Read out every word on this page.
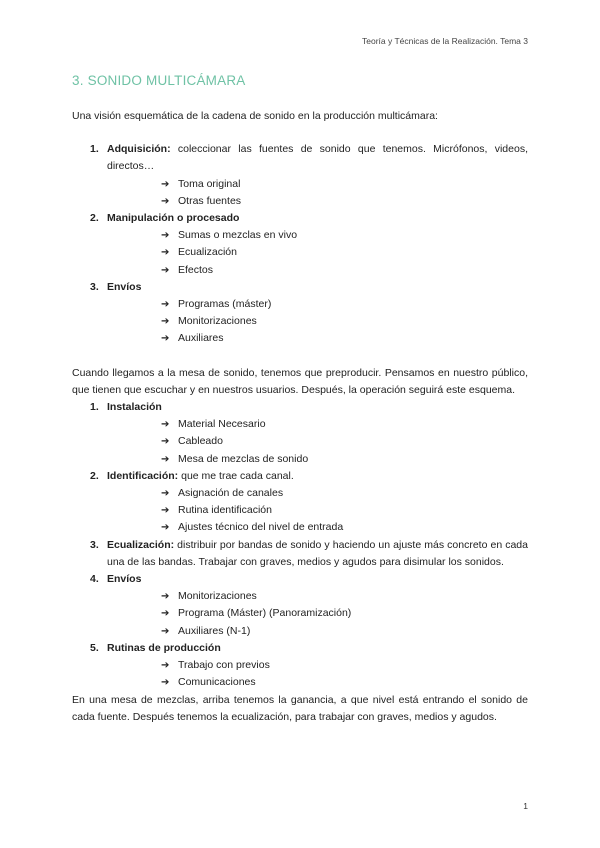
Teoría y Técnicas de la Realización. Tema 3
3. SONIDO MULTICÁMARA

Una visión esquemática de la cadena de sonido en la producción multicámara:

1. Adquisición: coleccionar las fuentes de sonido que tenemos. Micrófonos, videos, directos…
➔ Toma original
➔ Otras fuentes
2. Manipulación o procesado
➔ Sumas o mezclas en vivo
➔ Ecualización
➔ Efectos
3. Envíos
➔ Programas (máster)
➔ Monitorizaciones
➔ Auxiliares

Cuando llegamos a la mesa de sonido, tenemos que preproducir. Pensamos en nuestro público, que tienen que escuchar y en nuestros usuarios. Después, la operación seguirá este esquema.

1. Instalación
➔ Material Necesario
➔ Cableado
➔ Mesa de mezclas de sonido
2. Identificación: que me trae cada canal.
➔ Asignación de canales
➔ Rutina identificación
➔ Ajustes técnico del nivel de entrada
3. Ecualización: distribuir por bandas de sonido y haciendo un ajuste más concreto en cada una de las bandas. Trabajar con graves, medios y agudos para disimular los sonidos.
4. Envíos
➔ Monitorizaciones
➔ Programa (Máster) (Panoramización)
➔ Auxiliares (N-1)
5. Rutinas de producción
➔ Trabajo con previos
➔ Comunicaciones

En una mesa de mezclas, arriba tenemos la ganancia, a que nivel está entrando el sonido de cada fuente. Después tenemos la ecualización, para trabajar con graves, medios y agudos.

1
